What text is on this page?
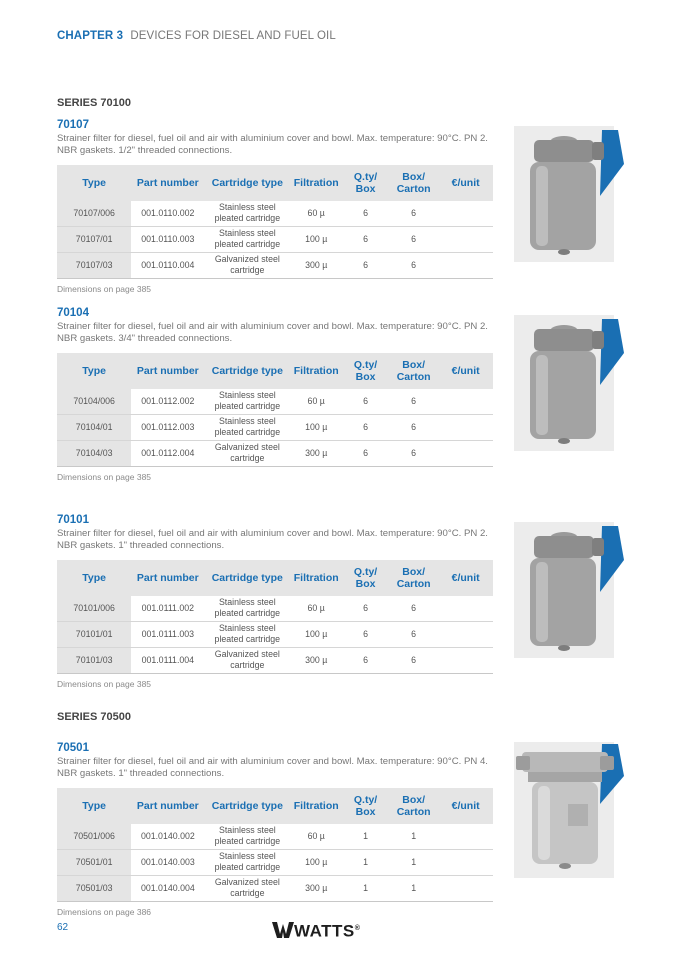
CHAPTER 3 DEVICES FOR DIESEL AND FUEL OIL
SERIES 70100
SERIES 70500
70107
Strainer filter for diesel, fuel oil and air with aluminium cover and bowl. Max. temperature: 90°C. PN 2. NBR gaskets. 1/2" threaded connections.
Type	Part number	Cartridge type	Filtration	Q.ty/ Box	Box/ Carton	€/unit
70107/006	001.0110.002	Stainless steel pleated cartridge	60 µ	6	6	
70107/01	001.0110.003	Stainless steel pleated cartridge	100 µ	6	6	
70107/03	001.0110.004	Galvanized steel cartridge	300 µ	6	6	
Dimensions on page 385
70104
Strainer filter for diesel, fuel oil and air with aluminium cover and bowl. Max. temperature: 90°C. PN 2. NBR gaskets. 3/4" threaded connections.
Type	Part number	Cartridge type	Filtration	Q.ty/ Box	Box/ Carton	€/unit
70104/006	001.0112.002	Stainless steel pleated cartridge	60 µ	6	6	
70104/01	001.0112.003	Stainless steel pleated cartridge	100 µ	6	6	
70104/03	001.0112.004	Galvanized steel cartridge	300 µ	6	6	
Dimensions on page 385
70101
Strainer filter for diesel, fuel oil and air with aluminium cover and bowl. Max. temperature: 90°C. PN 2. NBR gaskets. 1" threaded connections.
Type	Part number	Cartridge type	Filtration	Q.ty/ Box	Box/ Carton	€/unit
70101/006	001.0111.002	Stainless steel pleated cartridge	60 µ	6	6	
70101/01	001.0111.003	Stainless steel pleated cartridge	100 µ	6	6	
70101/03	001.0111.004	Galvanized steel cartridge	300 µ	6	6	
Dimensions on page 385
70501
Strainer filter for diesel, fuel oil and air with aluminium cover and bowl. Max. temperature: 90°C. PN 4. NBR gaskets. 1" threaded connections.
Type	Part number	Cartridge type	Filtration	Q.ty/ Box	Box/ Carton	€/unit
70501/006	001.0140.002	Stainless steel pleated cartridge	60 µ	1	1	
70501/01	001.0140.003	Stainless steel pleated cartridge	100 µ	1	1	
70501/03	001.0140.004	Galvanized steel cartridge	300 µ	1	1	
Dimensions on page 386
62	WATTS®
